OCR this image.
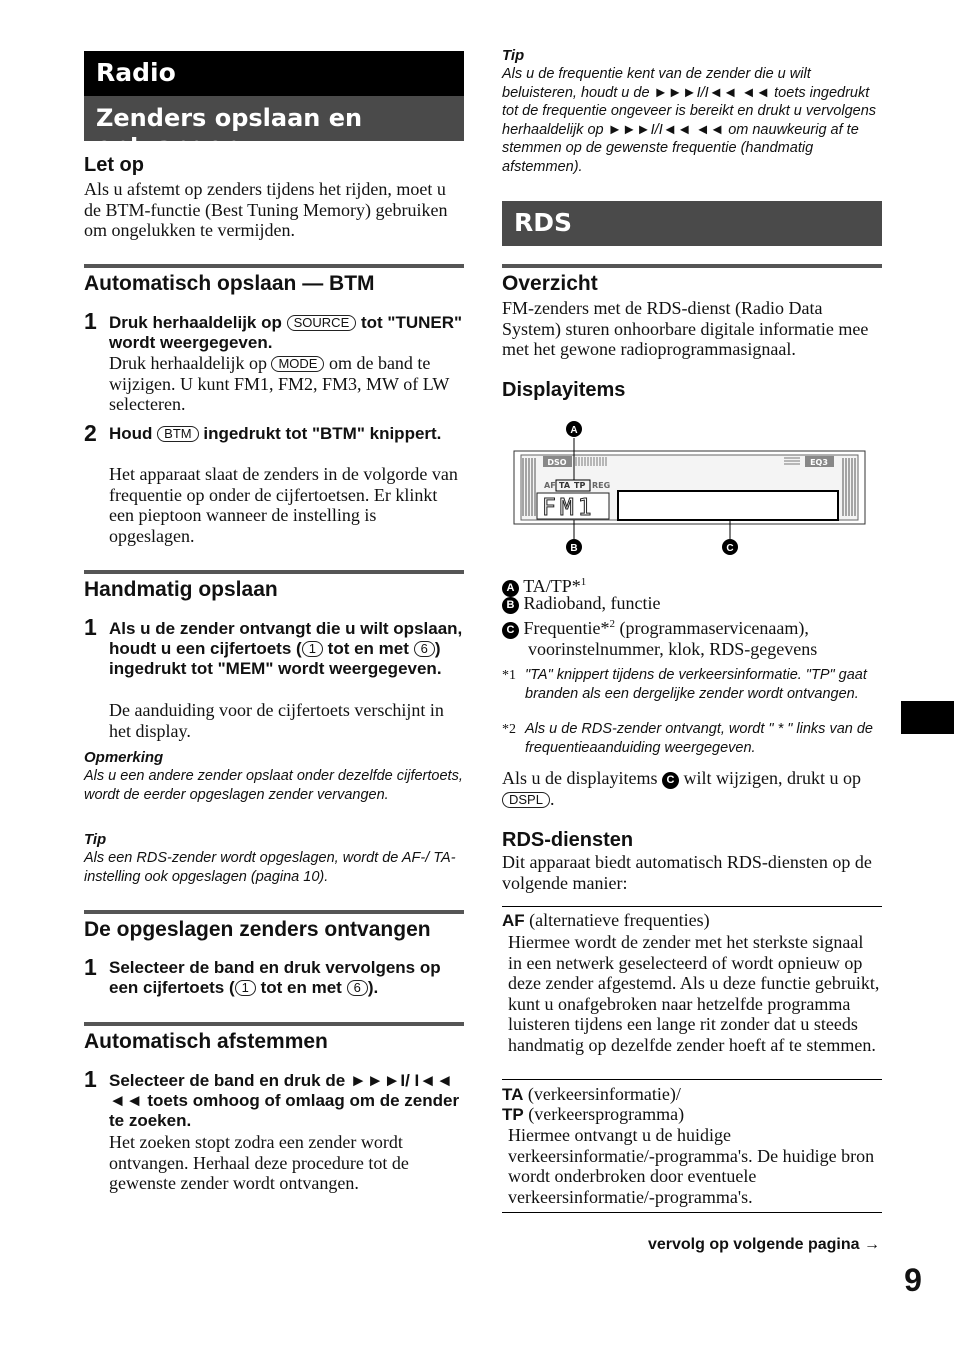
Radio
Zenders opslaan en ontvangen
Let op
Als u afstemt op zenders tijdens het rijden, moet u de BTM-functie (Best Tuning Memory) gebruiken om ongelukken te vermijden.
Automatisch opslaan — BTM
1 Druk herhaaldelijk op SOURCE tot "TUNER" wordt weergegeven.
Druk herhaaldelijk op MODE om de band te wijzigen. U kunt FM1, FM2, FM3, MW of LW selecteren.
2 Houd BTM ingedrukt tot "BTM" knippert.
Het apparaat slaat de zenders in de volgorde van frequentie op onder de cijfertoetsen. Er klinkt een pieptoon wanneer de instelling is opgeslagen.
Handmatig opslaan
1 Als u de zender ontvangt die u wilt opslaan, houdt u een cijfertoets ( 1 tot en met 6 ) ingedrukt tot "MEM" wordt weergegeven.
De aanduiding voor de cijfertoets verschijnt in het display.
Opmerking
Als u een andere zender opslaat onder dezelfde cijfertoets, wordt de eerder opgeslagen zender vervangen.
Tip
Als een RDS-zender wordt opgeslagen, wordt de AF-/ TA-instelling ook opgeslagen (pagina 10).
De opgeslagen zenders ontvangen
1 Selecteer de band en druk vervolgens op een cijfertoets ( 1 tot en met 6 ).
Automatisch afstemmen
1 Selecteer de band en druk de ►►►I/ I◄◄ ◄◄ toets omhoog of omlaag om de zender te zoeken.
Het zoeken stopt zodra een zender wordt ontvangen. Herhaal deze procedure tot de gewenste zender wordt ontvangen.
Tip
Als u de frequentie kent van de zender die u wilt beluisteren, houdt u de ►►►I/I◄◄ ◄◄ toets ingedrukt tot de frequentie ongeveer is bereikt en drukt u vervolgens herhaaldelijk op ►►►I/I◄◄ ◄◄ om nauwkeurig af te stemmen op de gewenste frequentie (handmatig afstemmen).
RDS
Overzicht
FM-zenders met de RDS-dienst (Radio Data System) sturen onhoorbare digitale informatie mee met het gewone radioprogrammasignaal.
Displayitems
DSO	EQ3
AF TA TP REG
FM1
A
B	C
A TA/TP*$^1$
B Radioband, functie
C Frequentie*$^2$ (programmaservicenaam), voorinstelnummer, klok, RDS-gegevens
*1 "TA" knippert tijdens de verkeersinformatie. "TP" gaat branden als een dergelijke zender wordt ontvangen.
*2 Als u de RDS-zender ontvangt, wordt " * " links van de frequentieaanduiding weergegeven.
Als u de displayitems C wilt wijzigen, drukt u op DSPL .
RDS-diensten
Dit apparaat biedt automatisch RDS-diensten op de volgende manier:
AF (alternatieve frequenties)
Hiermee wordt de zender met het sterkste signaal in een netwerk geselecteerd of wordt opnieuw op deze zender afgestemd. Als u deze functie gebruikt, kunt u onafgebroken naar hetzelfde programma luisteren tijdens een lange rit zonder dat u steeds handmatig op dezelfde zender hoeft af te stemmen.
TA (verkeersinformatie)/
TP (verkeersprogramma)
Hiermee ontvangt u de huidige verkeersinformatie/-programma's. De huidige bron wordt onderbroken door eventuele verkeersinformatie/-programma's.
vervolg op volgende pagina →
9
